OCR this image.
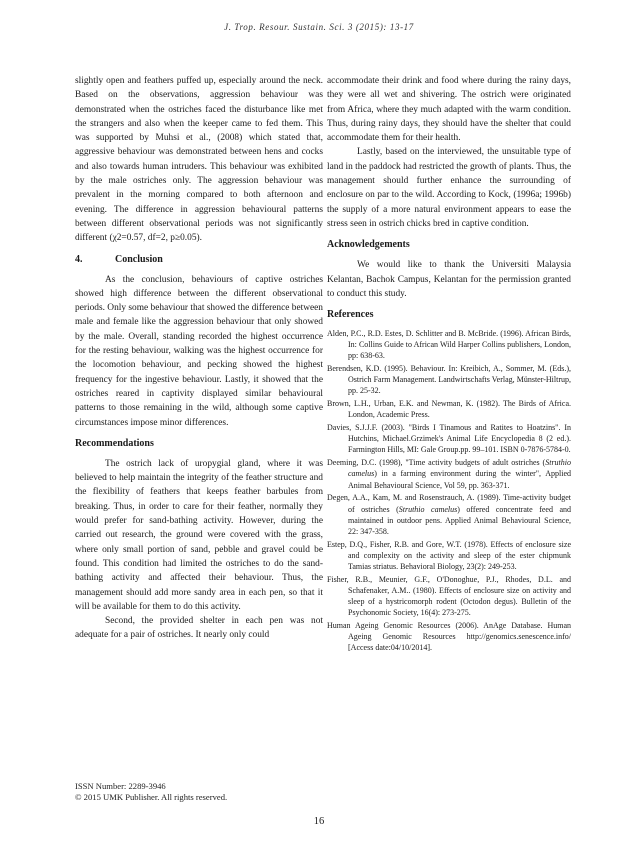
J. Trop. Resour. Sustain. Sci. 3 (2015): 13-17

slightly open and feathers puffed up, especially around the neck. Based on the observations, aggression behaviour was demonstrated when the ostriches faced the disturbance like met the strangers and also when the keeper came to fed them. This was supported by Muhsi et al., (2008) which stated that, aggressive behaviour was demonstrated between hens and cocks and also towards human intruders. This behaviour was exhibited by the male ostriches only. The aggression behaviour was prevalent in the morning compared to both afternoon and evening. The difference in aggression behavioural patterns between different observational periods was not significantly different (χ2=0.57, df=2, p≥0.05).

4.	Conclusion

As the conclusion, behaviours of captive ostriches showed high difference between the different observational periods. Only some behaviour that showed the difference between male and female like the aggression behaviour that only showed by the male. Overall, standing recorded the highest occurrence for the resting behaviour, walking was the highest occurrence for the locomotion behaviour, and pecking showed the highest frequency for the ingestive behaviour. Lastly, it showed that the ostriches reared in captivity displayed similar behavioural patterns to those remaining in the wild, although some captive circumstances impose minor differences.

Recommendations

The ostrich lack of uropygial gland, where it was believed to help maintain the integrity of the feather structure and the flexibility of feathers that keeps feather barbules from breaking. Thus, in order to care for their feather, normally they would prefer for sand-bathing activity. However, during the carried out research, the ground were covered with the grass, where only small portion of sand, pebble and gravel could be found. This condition had limited the ostriches to do the sand-bathing activity and affected their behaviour. Thus, the management should add more sandy area in each pen, so that it will be available for them to do this activity.

Second, the provided shelter in each pen was not adequate for a pair of ostriches. It nearly only could

accommodate their drink and food where during the rainy days, they were all wet and shivering. The ostrich were originated from Africa, where they much adapted with the warm condition. Thus, during rainy days, they should have the shelter that could accommodate them for their health.

Lastly, based on the interviewed, the unsuitable type of land in the paddock had restricted the growth of plants. Thus, the management should further enhance the surrounding of enclosure on par to the wild. According to Kock, (1996a; 1996b) the supply of a more natural environment appears to ease the stress seen in ostrich chicks bred in captive condition.

Acknowledgements

We would like to thank the Universiti Malaysia Kelantan, Bachok Campus, Kelantan for the permission granted to conduct this study.

References

Alden, P.C., R.D. Estes, D. Schlitter and B. McBride. (1996). African Birds, In: Collins Guide to African Wild Harper Collins publishers, London, pp: 638-63.

Berendsen, K.D. (1995). Behaviour. In: Kreibich, A., Sommer, M. (Eds.), Ostrich Farm Management. Landwirtschafts Verlag, Münster-Hiltrup, pp. 25-32.

Brown, L.H., Urban, E.K. and Newman, K. (1982). The Birds of Africa. London, Academic Press.

Davies, S.J.J.F. (2003). "Birds I Tinamous and Ratites to Hoatzins". In Hutchins, Michael.Grzimek's Animal Life Encyclopedia 8 (2 ed.). Farmington Hills, MI: Gale Group.pp. 99–101. ISBN 0-7876-5784-0.

Deeming, D.C. (1998), "Time activity budgets of adult ostriches (Struthio camelus) in a farming environment during the winter", Applied Animal Behavioural Science, Vol 59, pp. 363-371.

Degen, A.A., Kam, M. and Rosenstrauch, A. (1989). Time-activity budget of ostriches (Struthio camelus) offered concentrate feed and maintained in outdoor pens. Applied Animal Behavioural Science, 22: 347-358.

Estep, D.Q., Fisher, R.B. and Gore, W.T. (1978). Effects of enclosure size and complexity on the activity and sleep of the ester chipmunk Tamias striatus. Behavioral Biology, 23(2): 249-253.

Fisher, R.B., Meunier, G.F., O'Donoghue, P.J., Rhodes, D.L. and Schafenaker, A.M.. (1980). Effects of enclosure size on activity and sleep of a hystricomorph rodent (Octodon degus). Bulletin of the Psychonomic Society, 16(4): 273-275.

Human Ageing Genomic Resources (2006). AnAge Database. Human Ageing Genomic Resources http://genomics.senescence.info/ [Access date:04/10/2014].

ISSN Number: 2289-3946
© 2015 UMK Publisher. All rights reserved.
16
